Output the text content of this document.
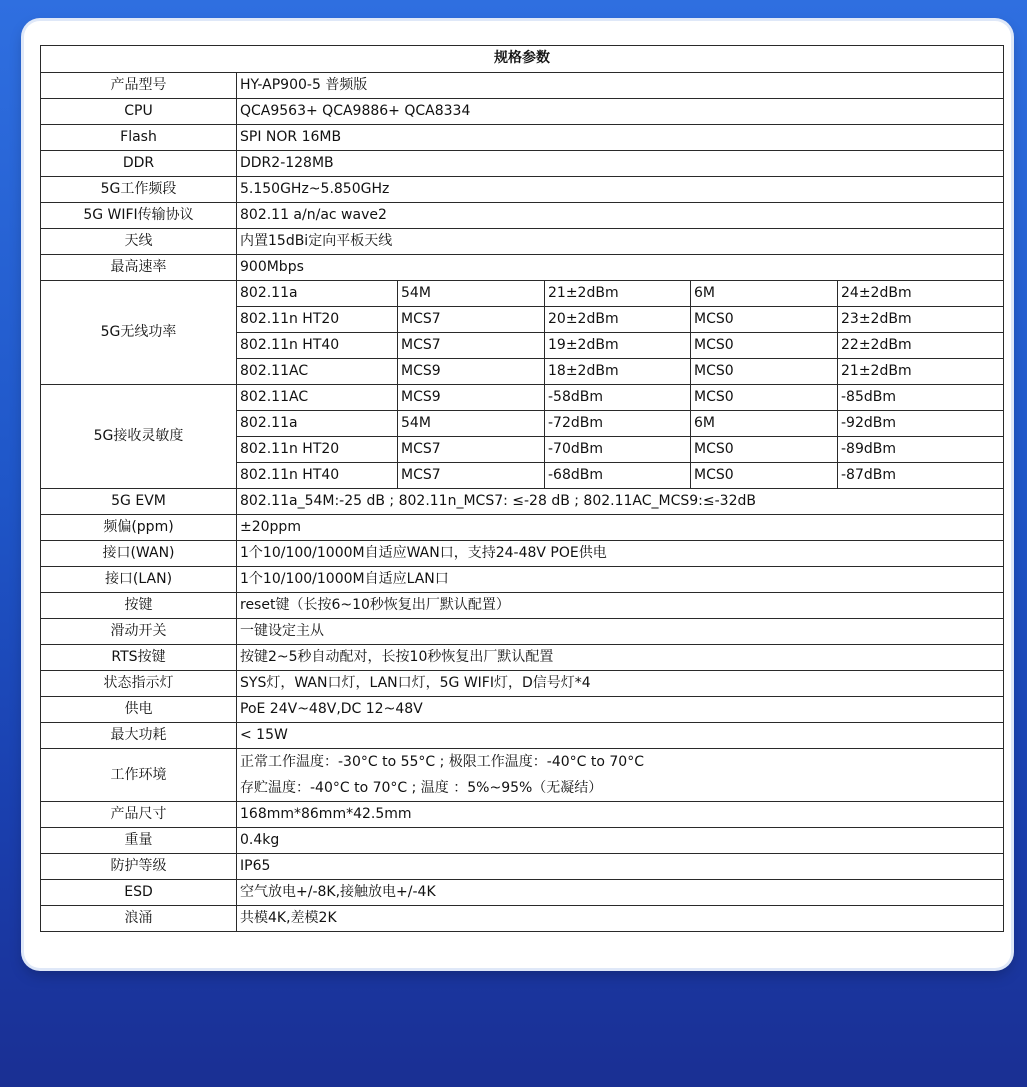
规格参数					
产品型号	HY-AP900-5 普频版				
CPU	QCA9563+ QCA9886+ QCA8334				
Flash	SPI NOR 16MB				
DDR	DDR2-128MB				
5G工作频段	5.150GHz~5.850GHz				
5G WIFI传输协议	802.11 a/n/ac wave2				
天线	内置15dBi定向平板天线				
最高速率	900Mbps				
5G无线功率	802.11a	54M	21±2dBm	6M	24±2dBm
	802.11n HT20	MCS7	20±2dBm	MCS0	23±2dBm
	802.11n HT40	MCS7	19±2dBm	MCS0	22±2dBm
	802.11AC	MCS9	18±2dBm	MCS0	21±2dBm
5G接收灵敏度	802.11AC	MCS9	-58dBm	MCS0	-85dBm
	802.11a	54M	-72dBm	6M	-92dBm
	802.11n HT20	MCS7	-70dBm	MCS0	-89dBm
	802.11n HT40	MCS7	-68dBm	MCS0	-87dBm
5G EVM	802.11a_54M:-25 dB ; 802.11n_MCS7: ≤-28 dB ; 802.11AC_MCS9:≤-32dB				
频偏(ppm)	±20ppm				
接口(WAN)	1个10/100/1000M自适应WAN口，支持24-48V POE供电				
接口(LAN)	1个10/100/1000M自适应LAN口				
按键	reset键（长按6~10秒恢复出厂默认配置）				
滑动开关	一键设定主从				
RTS按键	按键2~5秒自动配对，长按10秒恢复出厂默认配置				
状态指示灯	SYS灯，WAN口灯，LAN口灯，5G WIFI灯，D信号灯*4				
供电	PoE 24V~48V,DC 12~48V				
最大功耗	< 15W				
工作环境	正常工作温度：-30°C to 55°C ; 极限工作温度：-40°C to 70°C
存贮温度：-40°C to 70°C ; 温度 ：5%~95%（无凝结）				

产品尺寸	168mm*86mm*42.5mm				
重量	0.4kg				
防护等级	IP65				
ESD	空气放电+/-8K,接触放电+/-4K				
浪涌	共模4K,差模2K				
